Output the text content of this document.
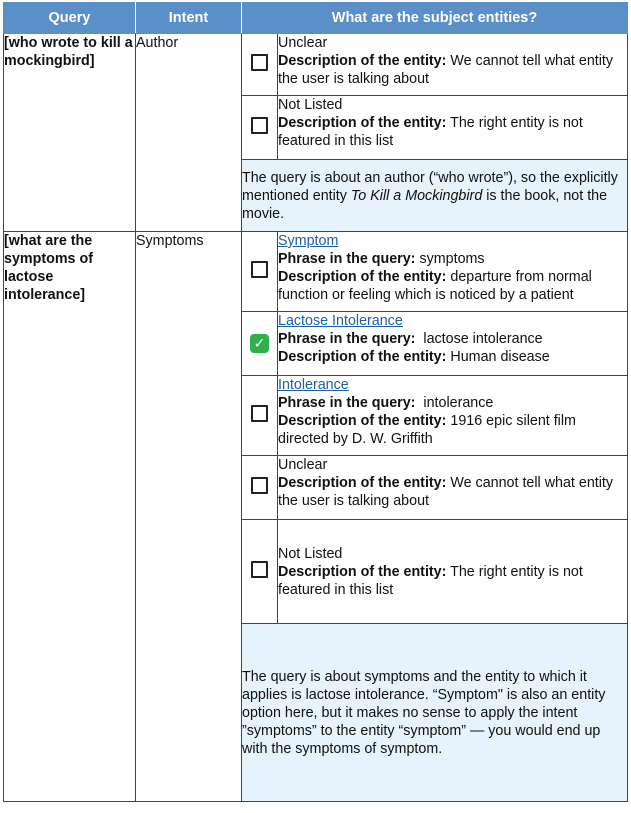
Query	Intent	What are the subject entities?	
[who wrote to kill a mockingbird]	Author		Unclear
Description of the entity: We cannot tell what entity the user is talking about

			Not Listed
Description of the entity: The right entity is not featured in this list

		The query is about an author (“who wrote”), so the explicitly mentioned entity To Kill a Mockingbird is the book, not the movie.	
[what are the symptoms of lactose intolerance]	Symptoms		Symptom
Phrase in the query: symptoms
Description of the entity: departure from normal function or feeling which is noticed by a patient

		✓	Lactose Intolerance
Phrase in the query: lactose intolerance
Description of the entity: Human disease

			Intolerance
Phrase in the query: intolerance
Description of the entity: 1916 epic silent film directed by D. W. Griffith

			Unclear
Description of the entity: We cannot tell what entity the user is talking about

			Not Listed
Description of the entity: The right entity is not featured in this list

		The query is about symptoms and the entity to which it applies is lactose intolerance. “Symptom" is also an entity option here, but it makes no sense to apply the intent ”symptoms” to the entity “symptom” — you would end up with the symptoms of symptom.	
